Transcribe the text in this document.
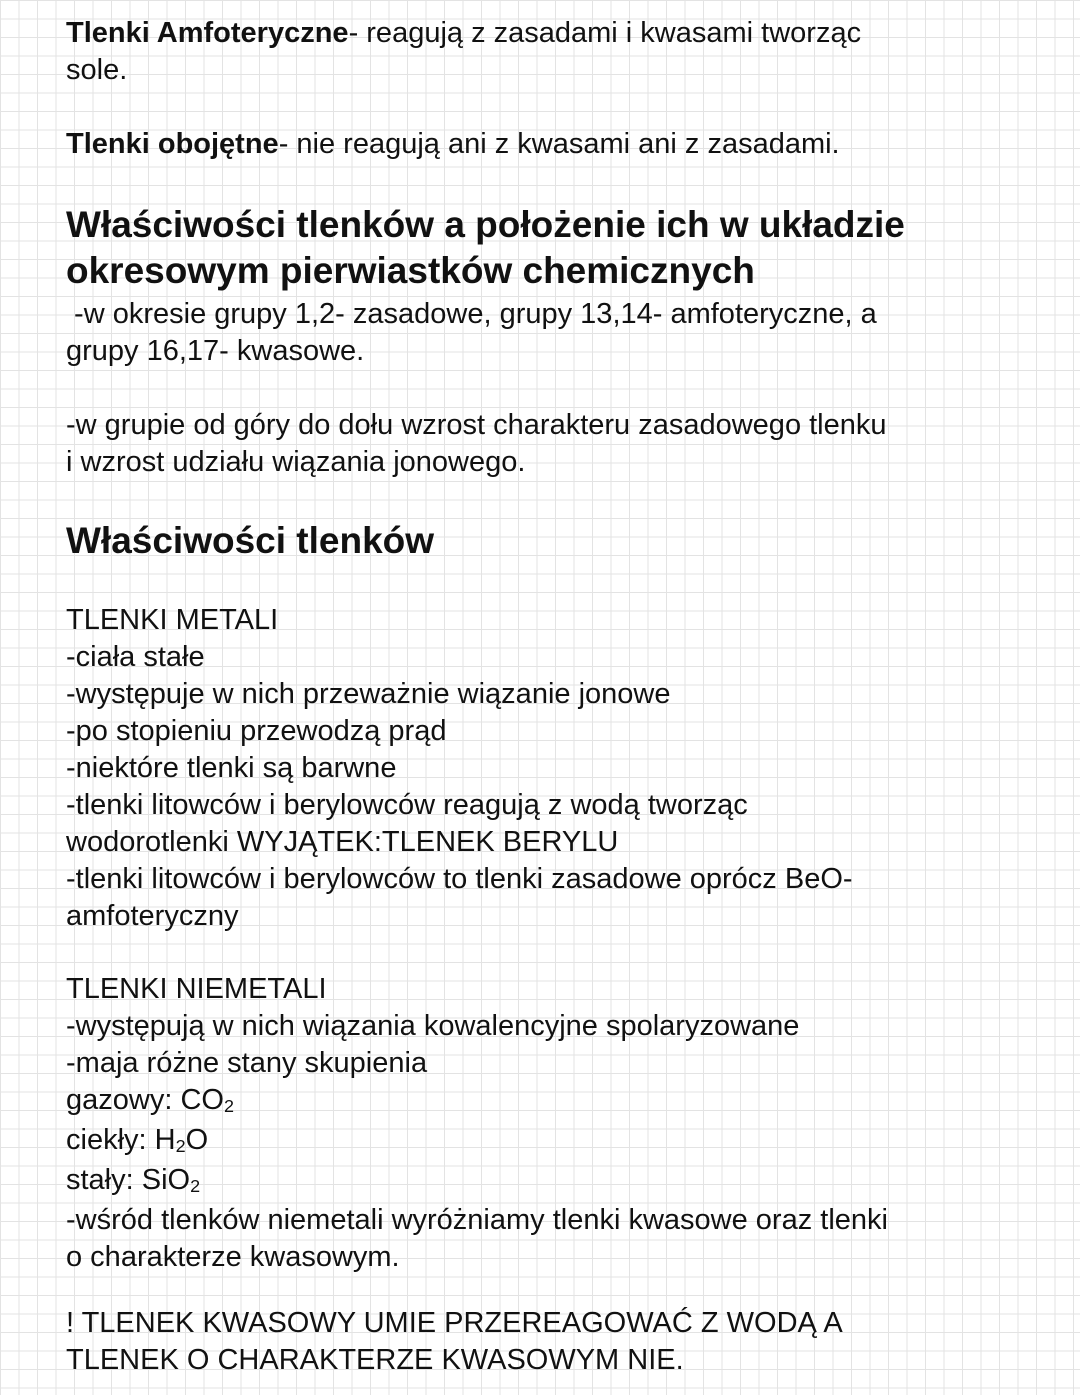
Tlenki Amfoteryczne- reagują z zasadami i kwasami tworząc
sole.

Tlenki obojętne- nie reagują ani z kwasami ani z zasadami.

Właściwości tlenków a położenie ich w układzie
okresowym pierwiastków chemicznych

-w okresie grupy 1,2- zasadowe, grupy 13,14- amfoteryczne, a
grupy 16,17- kwasowe.

-w grupie od góry do dołu wzrost charakteru zasadowego tlenku
i wzrost udziału wiązania jonowego.

Właściwości tlenków
TLENKI METALI
-ciała stałe
-występuje w nich przeważnie wiązanie jonowe
-po stopieniu przewodzą prąd
-niektóre tlenki są barwne
-tlenki litowców i berylowców reagują z wodą tworząc
wodorotlenki WYJĄTEK:TLENEK BERYLU
-tlenki litowców i berylowców to tlenki zasadowe oprócz BeO-
amfoteryczny
TLENKI NIEMETALI
-występują w nich wiązania kowalencyjne spolaryzowane
-maja różne stany skupienia
gazowy: $CO_2$
ciekły: $H_2O$
stały: SiO$_2$
-wśród tlenków niemetali wyróżniamy tlenki kwasowe oraz tlenki
o charakterze kwasowym.

! TLENEK KWASOWY UMIE PRZEREAGOWAĆ Z WODĄ A
TLENEK O CHARAKTERZE KWASOWYM NIE.
